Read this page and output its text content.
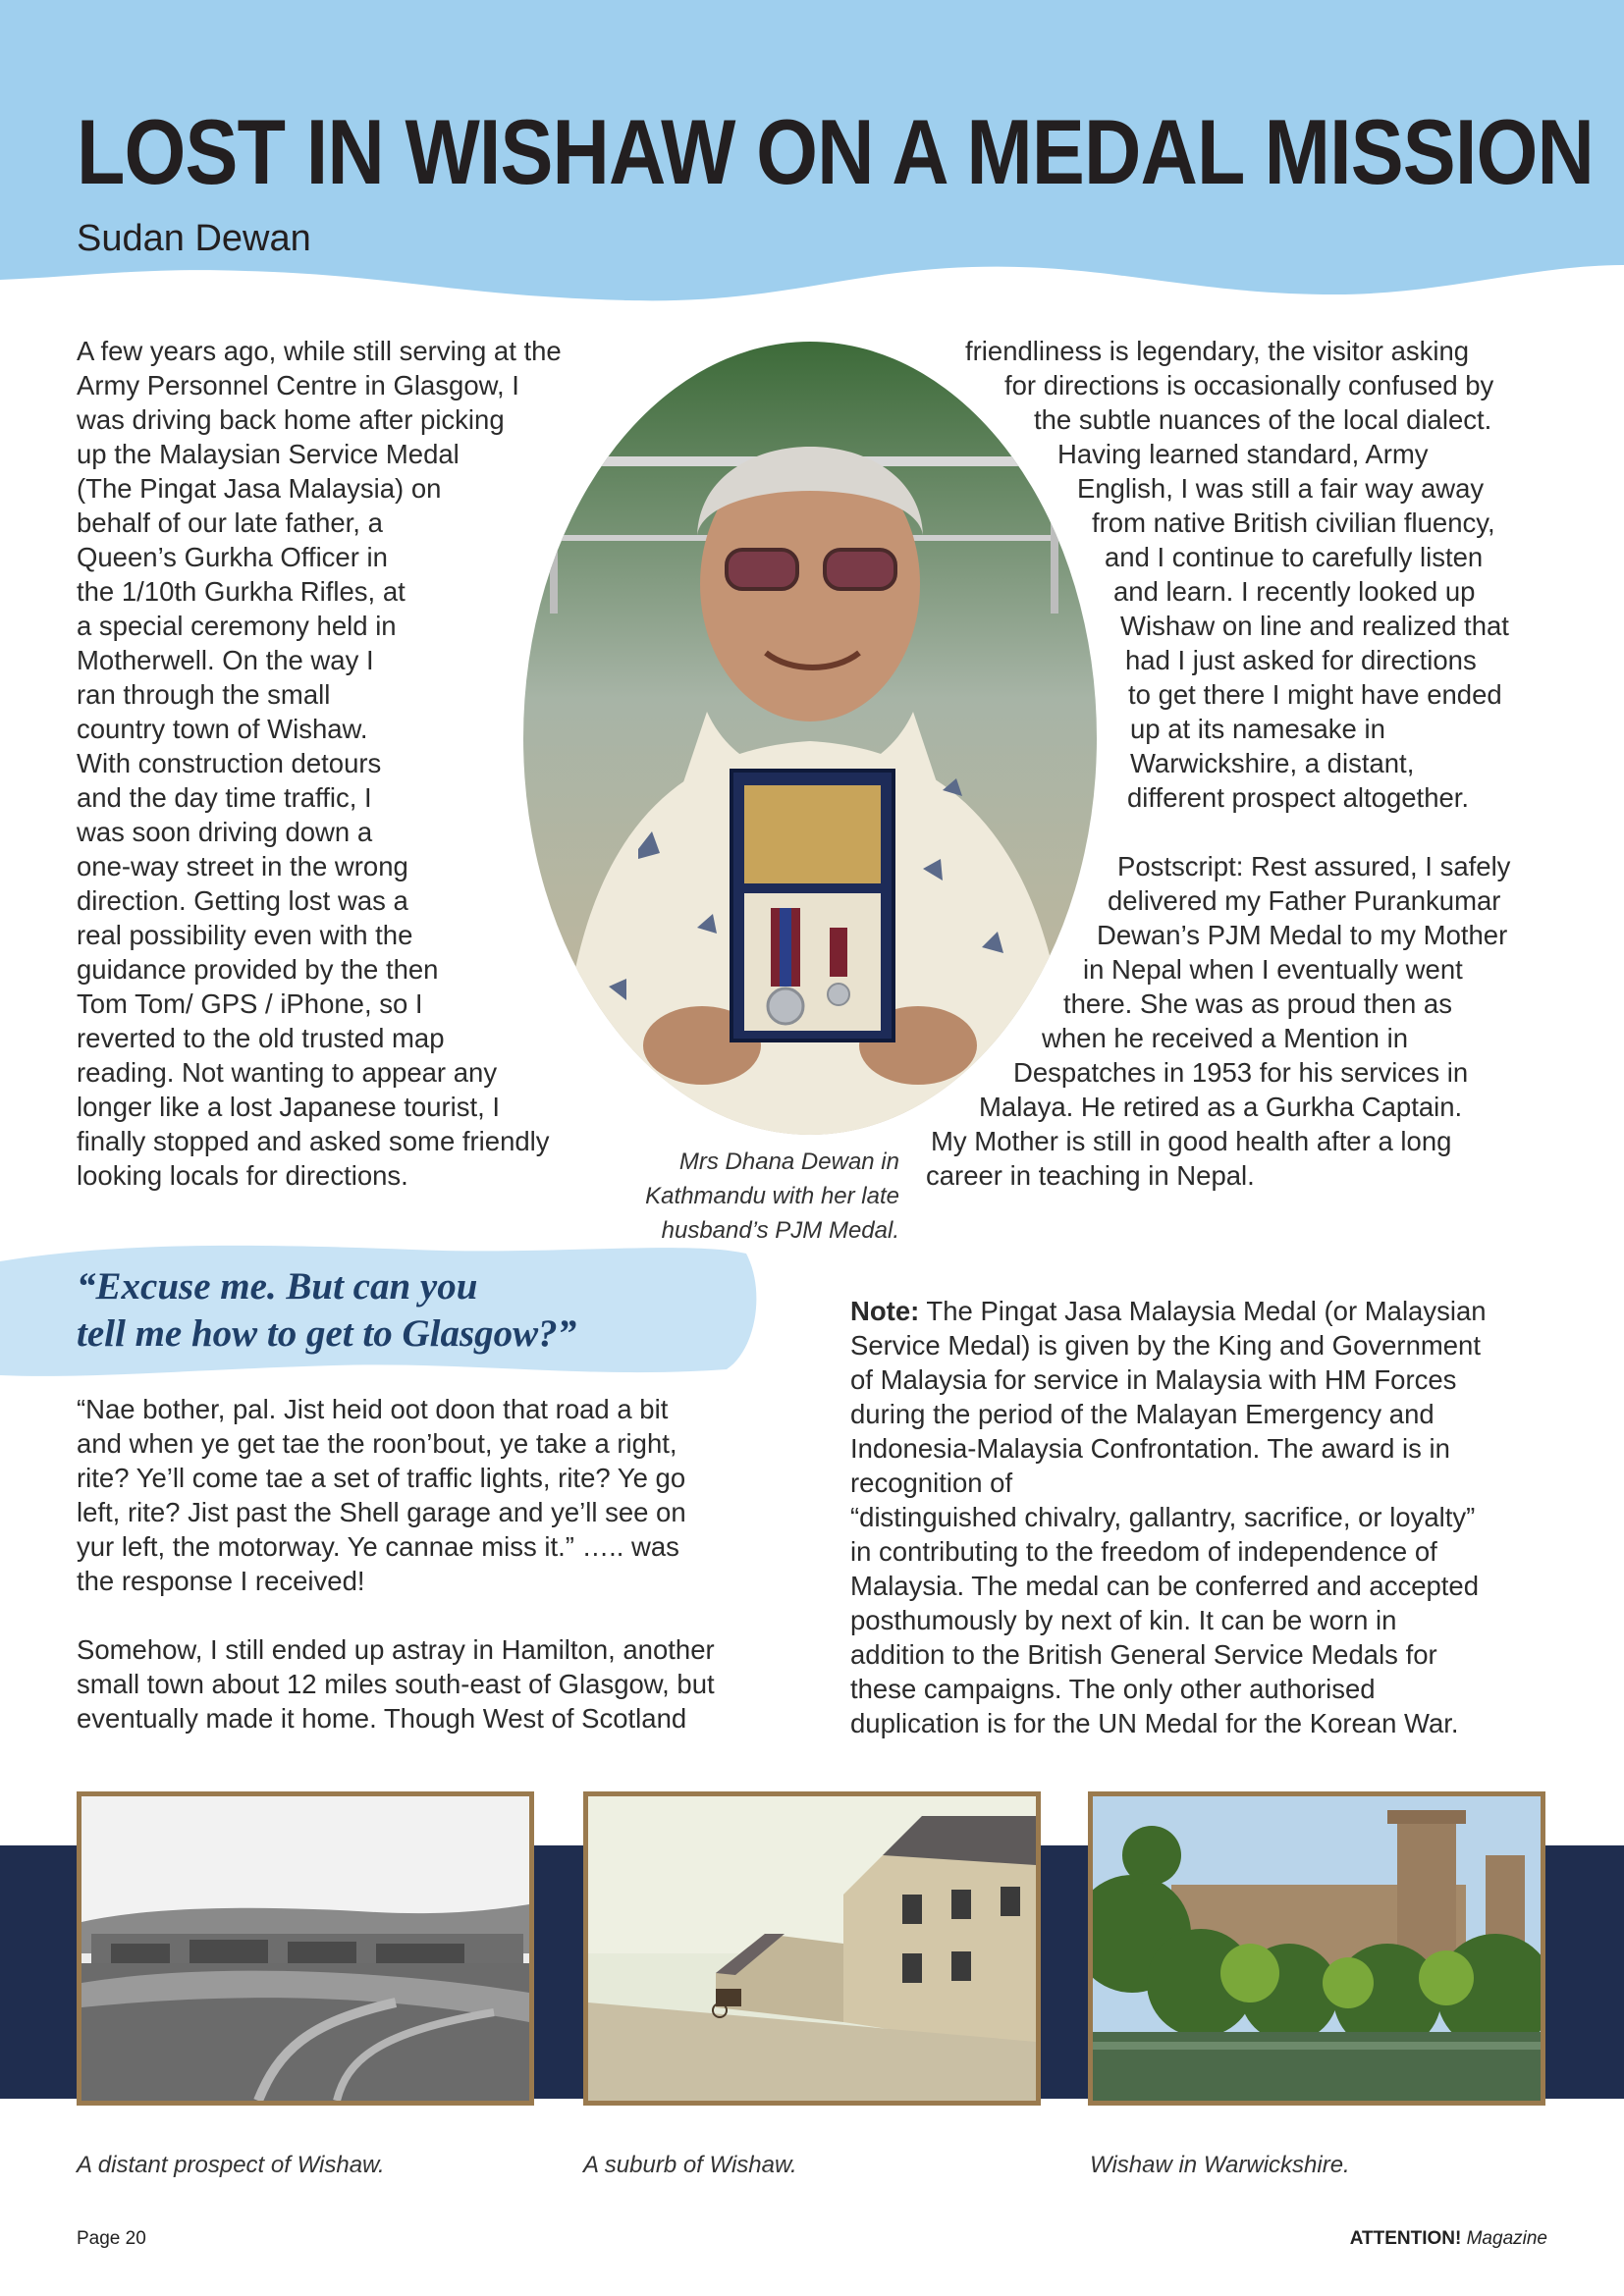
LOST IN WISHAW ON A MEDAL MISSION
Sudan Dewan
A few years ago, while still serving at the
Army Personnel Centre in Glasgow, I
was driving back home after picking
up the Malaysian Service Medal
(The Pingat Jasa Malaysia) on
behalf of our late father, a
Queen’s Gurkha Officer in
the 1/10th Gurkha Rifles, at
a special ceremony held in
Motherwell. On the way I
ran through the small
country town of Wishaw.
With construction detours
and the day time traffic, I
was soon driving down a
one-way street in the wrong
direction. Getting lost was a
real possibility even with the
guidance provided by the then
Tom Tom/ GPS / iPhone, so I
reverted to the old trusted map
reading. Not wanting to appear any
longer like a lost Japanese tourist, I
finally stopped and asked some friendly
looking locals for directions.	Mrs Dhana Dewan in
Kathmandu with her late
husband’s PJM Medal.
friendliness is legendary, the visitor asking
for directions is occasionally confused by
the subtle nuances of the local dialect.
Having learned standard, Army
English, I was still a fair way away
from native British civilian fluency,
and I continue to carefully listen
and learn. I recently looked up
Wishaw on line and realized that
had I just asked for directions
to get there I might have ended
up at its namesake in
Warwickshire, a distant,
different prospect altogether.
Postscript: Rest assured, I safely
delivered my Father Purankumar
Dewan’s PJM Medal to my Mother
in Nepal when I eventually went
there. She was as proud then as
when he received a Mention in
Despatches in 1953 for his services in
Malaya. He retired as a Gurkha Captain.
My Mother is still in good health after a long
career in teaching in Nepal.
“Excuse me. But can you
tell me how to get to Glasgow?”
“Nae bother, pal. Jist heid oot doon that road a bit
and when ye get tae the roon’bout, ye take a right,
rite? Ye’ll come tae a set of traffic lights, rite? Ye go
left, rite? Jist past the Shell garage and ye’ll see on
yur left, the motorway. Ye cannae miss it.” ….. was
the response I received!
Somehow, I still ended up astray in Hamilton, another
small town about 12 miles south-east of Glasgow, but
eventually made it home. Though West of Scotland
Note: The Pingat Jasa Malaysia Medal (or Malaysian
Service Medal) is given by the King and Government
of Malaysia for service in Malaysia with HM Forces
during the period of the Malayan Emergency and
Indonesia-Malaysia Confrontation. The award is in
recognition of
“distinguished chivalry, gallantry, sacrifice, or loyalty”
in contributing to the freedom of independence of
Malaysia. The medal can be conferred and accepted
posthumously by next of kin. It can be worn in
addition to the British General Service Medals for
these campaigns. The only other authorised
duplication is for the UN Medal for the Korean War.
A distant prospect of Wishaw.	A suburb of Wishaw.	Wishaw in Warwickshire.
Page 20	ATTENTION! Magazine
